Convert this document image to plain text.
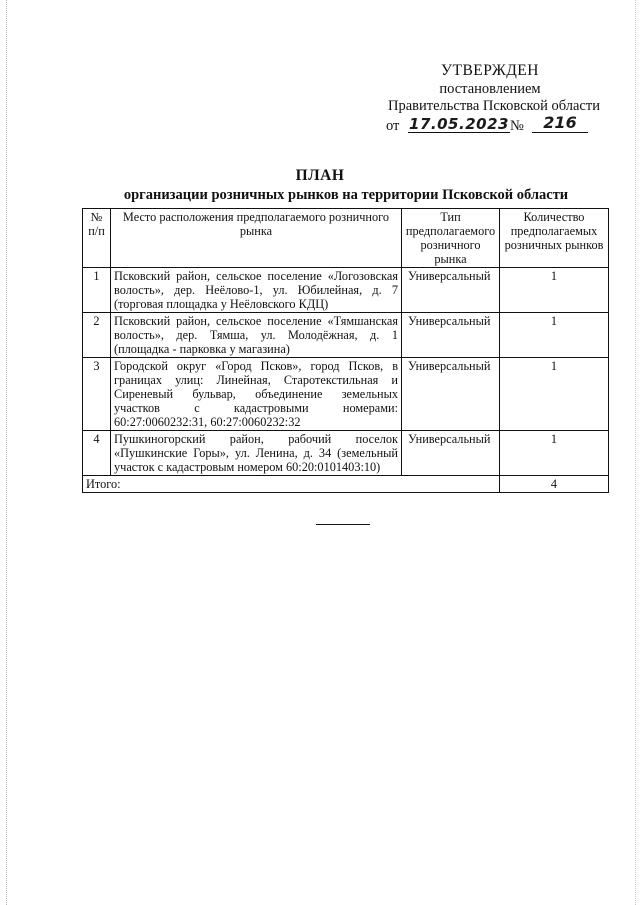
УТВЕРЖДЕН
постановлением
Правительства Псковской области
от 17.05.2023 №	216
ПЛАН
организации розничных рынков на территории Псковской области
№ п/п	Место расположения предполагаемого розничного рынка	Тип предполагаемого розничного рынка	Количество предполагаемых розничных рынков
1	Псковский район, сельское поселение «Логозовская волость», дер. Неёлово-1, ул. Юбилейная, д. 7 (торговая площадка у Неёловского КДЦ)	Универсальный	1
2	Псковский район, сельское поселение «Тямшанская волость», дер. Тямша, ул. Молодёжная, д. 1 (площадка - парковка у магазина)	Универсальный	1
3	Городской округ «Город Псков», город Псков, в границах улиц: Линейная, Старотекстильная и Сиреневый бульвар, объединение земельных участков с кадастровыми номерами: 60:27:0060232:31, 60:27:0060232:32	Универсальный	1
4	Пушкиногорский район, рабочий поселок «Пушкинские Горы», ул. Ленина, д. 34 (земельный участок с кадастровым номером 60:20:0101403:10)	Универсальный	1
Итого:			4
